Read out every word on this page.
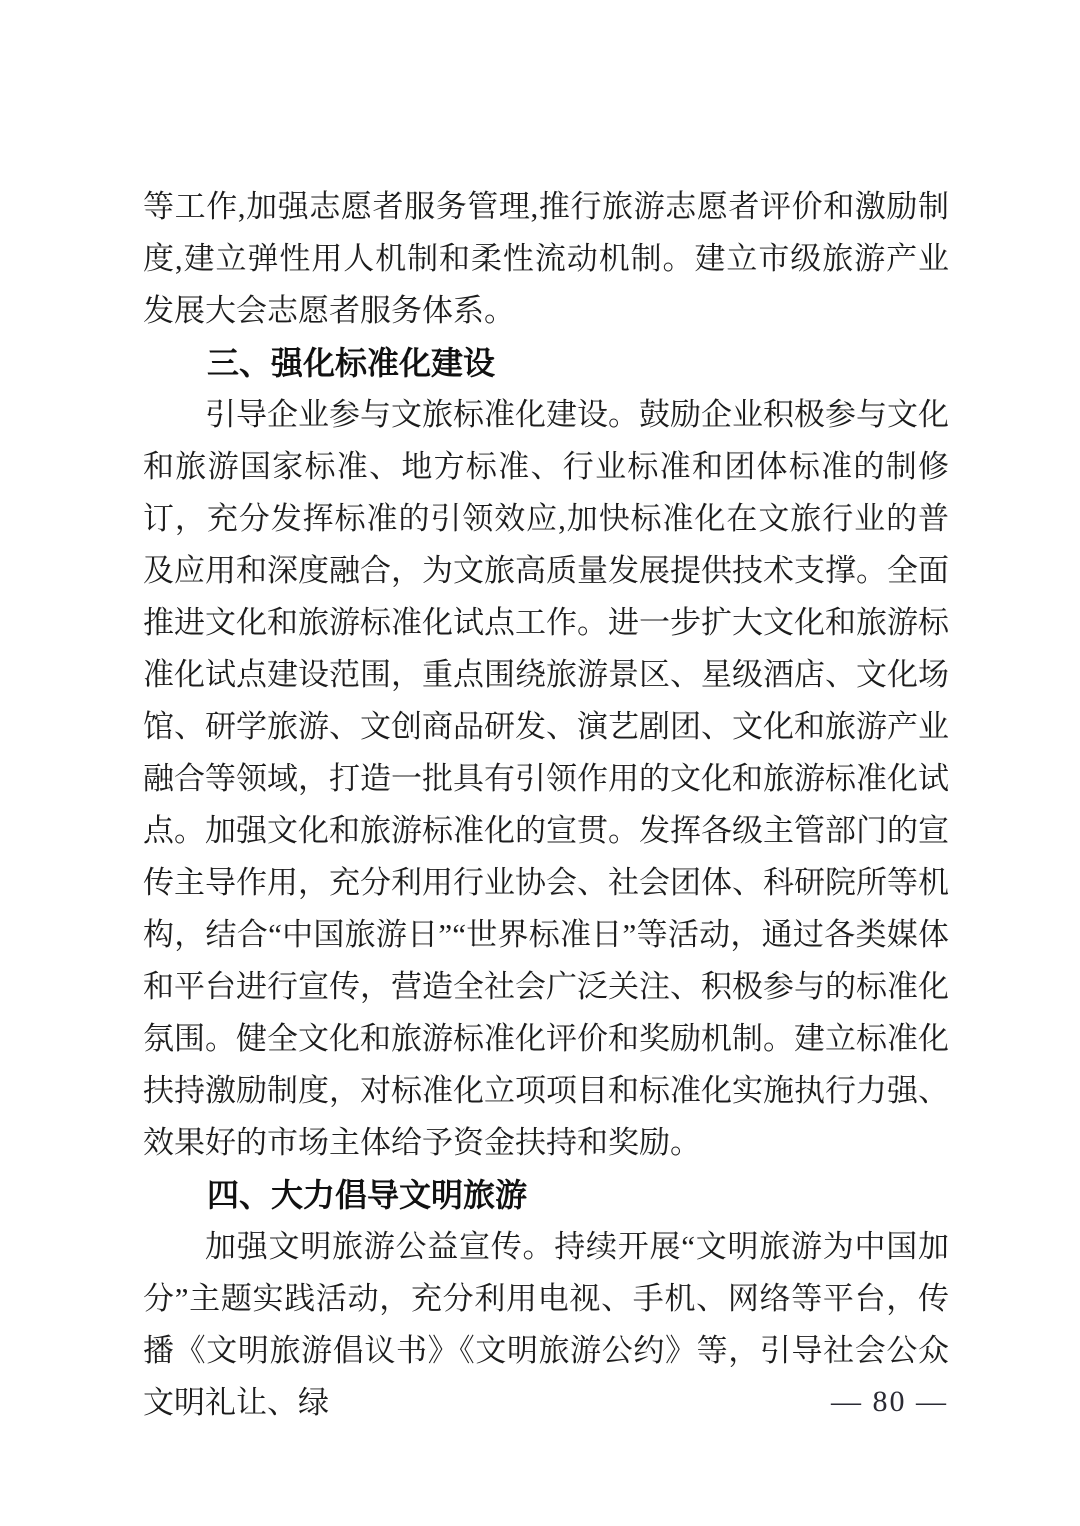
等工作,加强志愿者服务管理,推行旅游志愿者评价和激励制度,建立弹性用人机制和柔性流动机制。建立市级旅游产业发展大会志愿者服务体系。

三、强化标准化建设

引导企业参与文旅标准化建设。鼓励企业积极参与文化和旅游国家标准、地方标准、行业标准和团体标准的制修订，充分发挥标准的引领效应,加快标准化在文旅行业的普及应用和深度融合，为文旅高质量发展提供技术支撑。全面推进文化和旅游标准化试点工作。进一步扩大文化和旅游标准化试点建设范围，重点围绕旅游景区、星级酒店、文化场馆、研学旅游、文创商品研发、演艺剧团、文化和旅游产业融合等领域，打造一批具有引领作用的文化和旅游标准化试点。加强文化和旅游标准化的宣贯。发挥各级主管部门的宣传主导作用，充分利用行业协会、社会团体、科研院所等机构，结合“中国旅游日”“世界标准日”等活动，通过各类媒体和平台进行宣传，营造全社会广泛关注、积极参与的标准化氛围。健全文化和旅游标准化评价和奖励机制。建立标准化扶持激励制度，对标准化立项项目和标准化实施执行力强、效果好的市场主体给予资金扶持和奖励。

四、大力倡导文明旅游

加强文明旅游公益宣传。持续开展“文明旅游为中国加分”主题实践活动，充分利用电视、手机、网络等平台，传播《文明旅游倡议书》《文明旅游公约》等，引导社会公众文明礼让、绿	— 80 —
